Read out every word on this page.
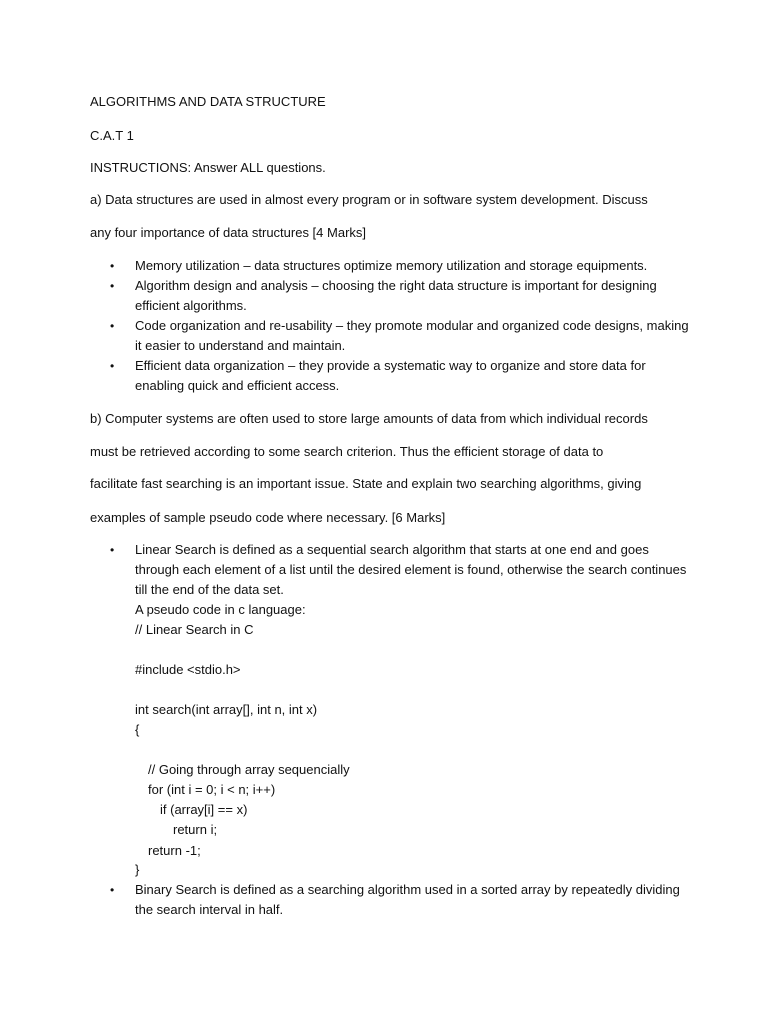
ALGORITHMS AND DATA STRUCTURE
C.A.T 1
INSTRUCTIONS: Answer ALL questions.
a) Data structures are used in almost every program or in software system development. Discuss
any four importance of data structures [4 Marks]
• Memory utilization – data structures optimize memory utilization and storage equipments.
• Algorithm design and analysis – choosing the right data structure is important for designing efficient algorithms.
• Code organization and re-usability – they promote modular and organized code designs, making it easier to understand and maintain.
• Efficient data organization – they provide a systematic way to organize and store data for enabling quick and efficient access.
b) Computer systems are often used to store large amounts of data from which individual records
must be retrieved according to some search criterion. Thus the efficient storage of data to
facilitate fast searching is an important issue. State and explain two searching algorithms, giving
examples of sample pseudo code where necessary. [6 Marks]
• Linear Search is defined as a sequential search algorithm that starts at one end and goes through each element of a list until the desired element is found, otherwise the search continues till the end of the data set.
A pseudo code in c language:
// Linear Search in C
#include <stdio.h>
int search(int array[], int n, int x)
{
// Going through array sequencially
for (int i = 0; i < n; i++)
if (array[i] == x)
return i;
return -1;
}
• Binary Search is defined as a searching algorithm used in a sorted array by repeatedly dividing the search interval in half.
